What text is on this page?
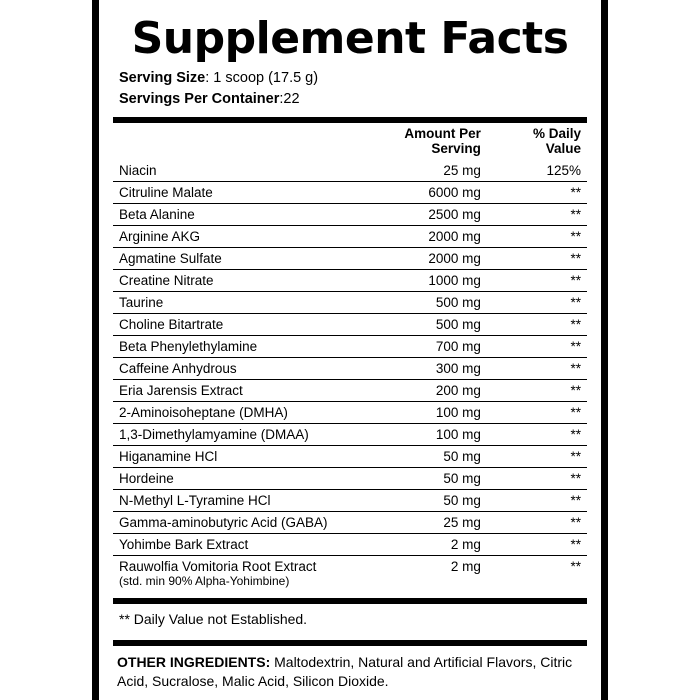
Supplement Facts
Serving Size: 1 scoop (17.5 g)
Servings Per Container:22
	Amount Per Serving	% Daily Value
Niacin	25 mg	125%
Citruline Malate	6000 mg	**
Beta Alanine	2500 mg	**
Arginine AKG	2000 mg	**
Agmatine Sulfate	2000 mg	**
Creatine Nitrate	1000 mg	**
Taurine	500 mg	**
Choline Bitartrate	500 mg	**
Beta Phenylethylamine	700 mg	**
Caffeine Anhydrous	300 mg	**
Eria Jarensis Extract	200 mg	**
2-Aminoisoheptane (DMHA)	100 mg	**
1,3-Dimethylamyamine (DMAA)	100 mg	**
Higanamine HCl	50 mg	**
Hordeine	50 mg	**
N-Methyl L-Tyramine HCl	50 mg	**
Gamma-aminobutyric Acid (GABA)	25 mg	**
Yohimbe Bark Extract	2 mg	**
Rauwolfia Vomitoria Root Extract
(std. min 90% Alpha-Yohimbine)	2 mg	**
** Daily Value not Established.
OTHER INGREDIENTS: Maltodextrin, Natural and Artificial Flavors, Citric Acid, Sucralose, Malic Acid, Silicon Dioxide.
